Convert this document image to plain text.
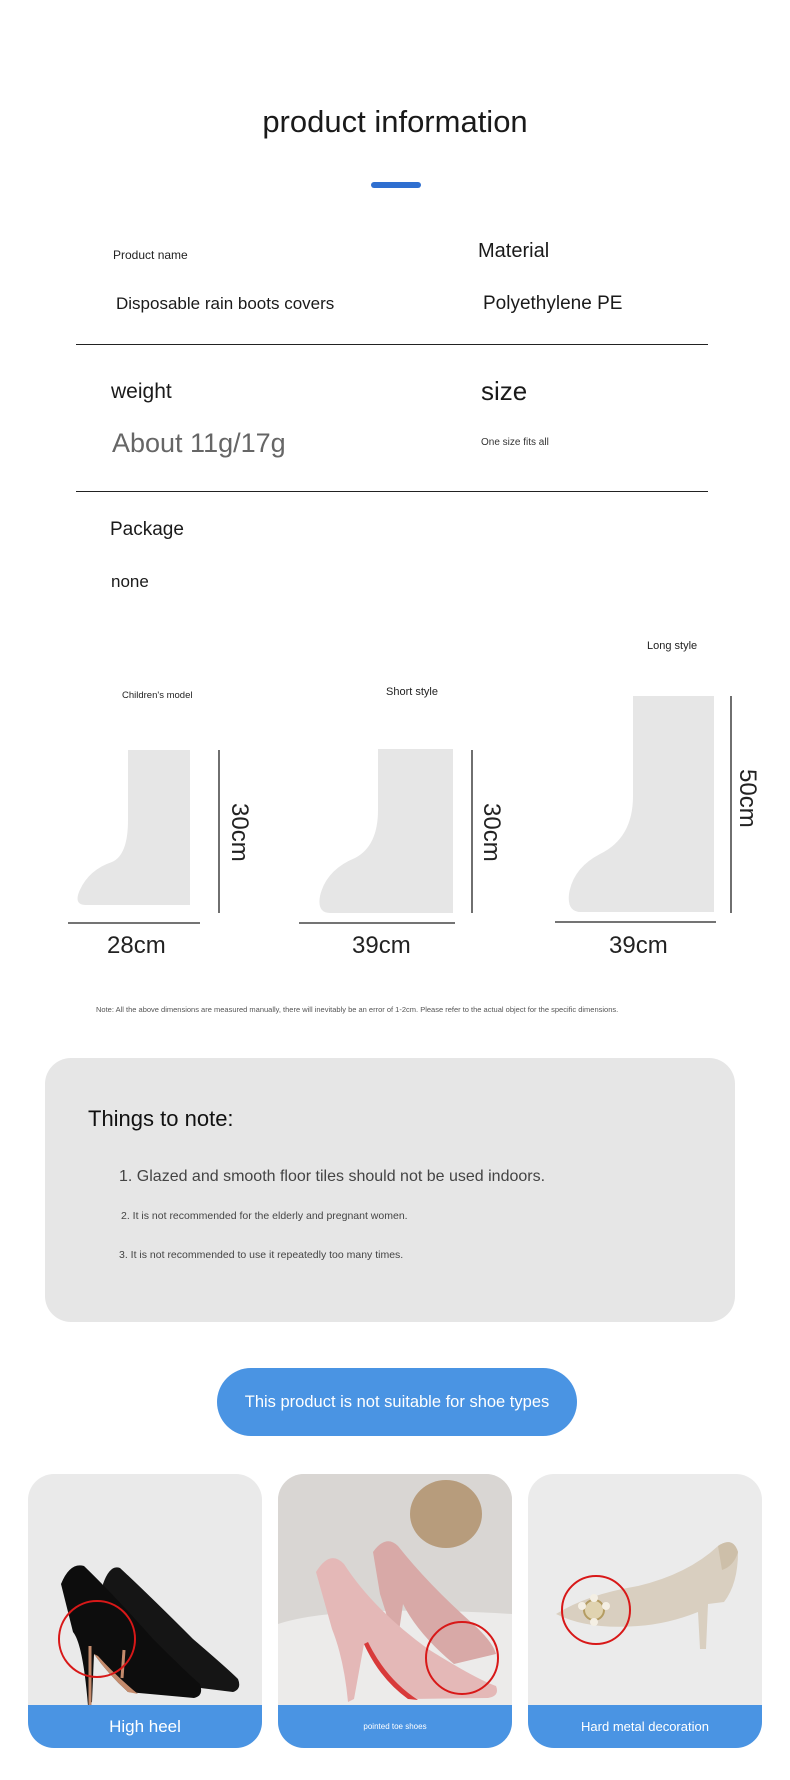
product information
Product name
Disposable rain boots covers
Material
Polyethylene PE
weight
About 11g/17g
size
One size fits all
Package
none
Children's model	Short style
Long style
30cm	30cm
50cm
28cm	39cm	39cm
Note: All the above dimensions are measured manually, there will inevitably be an error of 1-2cm. Please refer to the actual object for the specific dimensions.
Things to note:
1. Glazed and smooth floor tiles should not be used indoors.
2. It is not recommended for the elderly and pregnant women.
3. It is not recommended to use it repeatedly too many times.
This product is not suitable for shoe types
High heel	pointed toe shoes	Hard metal decoration
